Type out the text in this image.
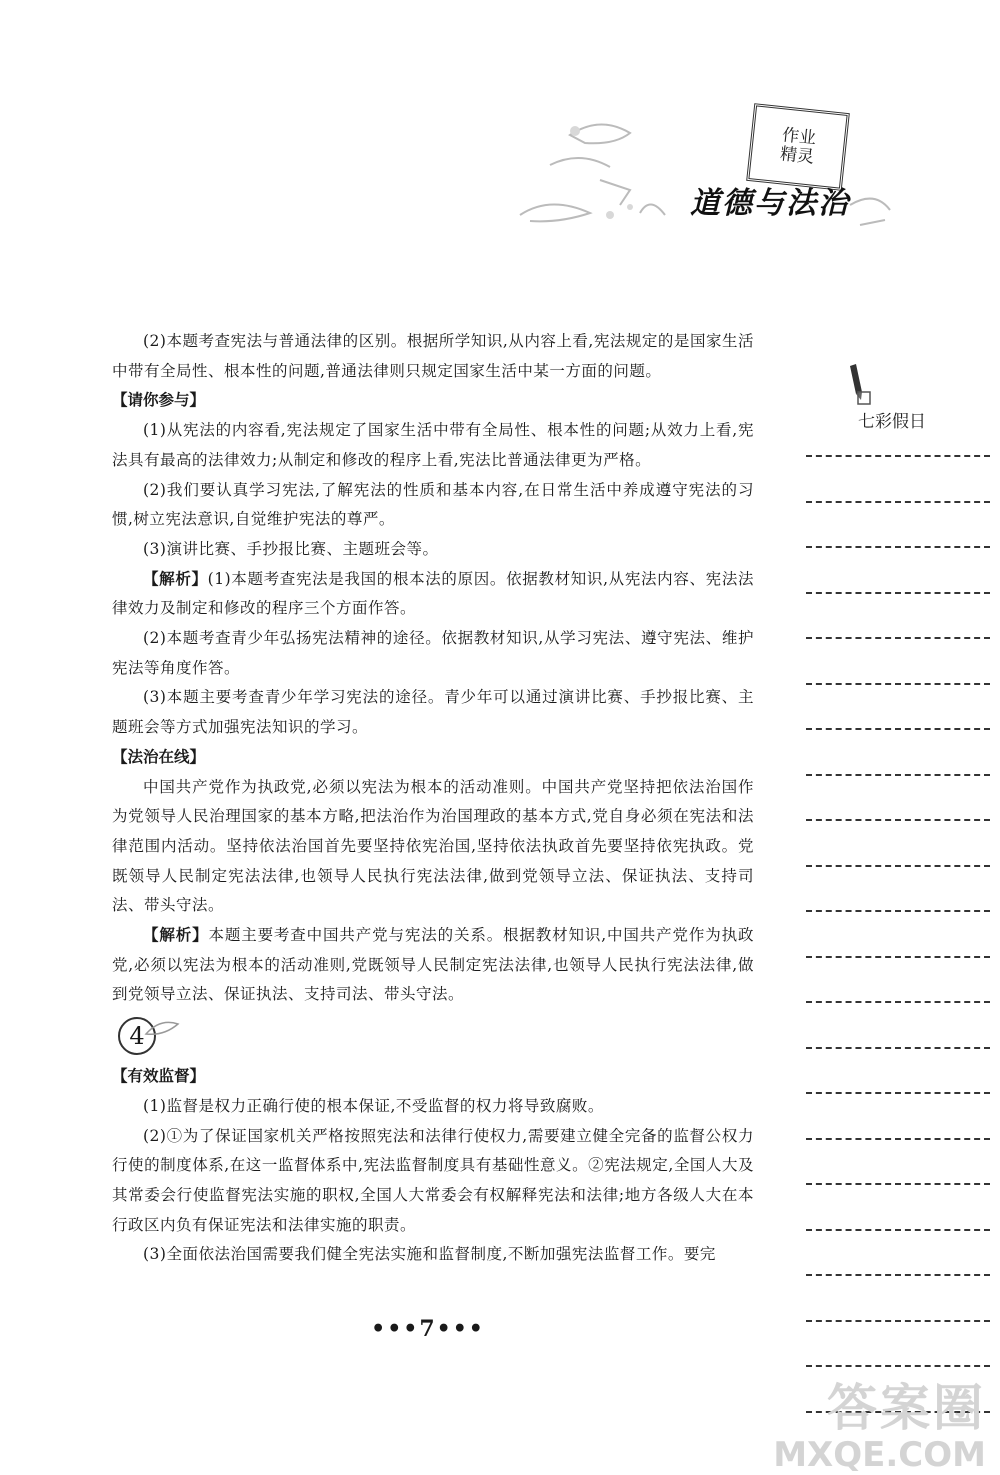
作业
精灵
道德与法治

(2)本题考查宪法与普通法律的区别。根据所学知识,从内容上看,宪法规定的是国家生活中带有全局性、根本性的问题,普通法律则只规定国家生活中某一方面的问题。

【请你参与】

(1)从宪法的内容看,宪法规定了国家生活中带有全局性、根本性的问题;从效力上看,宪法具有最高的法律效力;从制定和修改的程序上看,宪法比普通法律更为严格。

(2)我们要认真学习宪法,了解宪法的性质和基本内容,在日常生活中养成遵守宪法的习惯,树立宪法意识,自觉维护宪法的尊严。

(3)演讲比赛、手抄报比赛、主题班会等。

【解析】(1)本题考查宪法是我国的根本法的原因。依据教材知识,从宪法内容、宪法法律效力及制定和修改的程序三个方面作答。

(2)本题考查青少年弘扬宪法精神的途径。依据教材知识,从学习宪法、遵守宪法、维护宪法等角度作答。

(3)本题主要考查青少年学习宪法的途径。青少年可以通过演讲比赛、手抄报比赛、主题班会等方式加强宪法知识的学习。

【法治在线】

中国共产党作为执政党,必须以宪法为根本的活动准则。中国共产党坚持把依法治国作为党领导人民治理国家的基本方略,把法治作为治国理政的基本方式,党自身必须在宪法和法律范围内活动。坚持依法治国首先要坚持依宪治国,坚持依法执政首先要坚持依宪执政。党既领导人民制定宪法法律,也领导人民执行宪法法律,做到党领导立法、保证执法、支持司法、带头守法。

【解析】本题主要考查中国共产党与宪法的关系。根据教材知识,中国共产党作为执政党,必须以宪法为根本的活动准则,党既领导人民制定宪法法律,也领导人民执行宪法法律,做到党领导立法、保证执法、支持司法、带头守法。

4

【有效监督】

(1)监督是权力正确行使的根本保证,不受监督的权力将导致腐败。

(2)①为了保证国家机关严格按照宪法和法律行使权力,需要建立健全完备的监督公权力行使的制度体系,在这一监督体系中,宪法监督制度具有基础性意义。②宪法规定,全国人大及其常委会行使监督宪法实施的职权,全国人大常委会有权解释宪法和法律;地方各级人大在本行政区内负有保证宪法和法律实施的职责。

(3)全面依法治国需要我们健全宪法实施和监督制度,不断加强宪法监督工作。要完

七彩假日
•••7•••
答案圈
MXQE.COM
